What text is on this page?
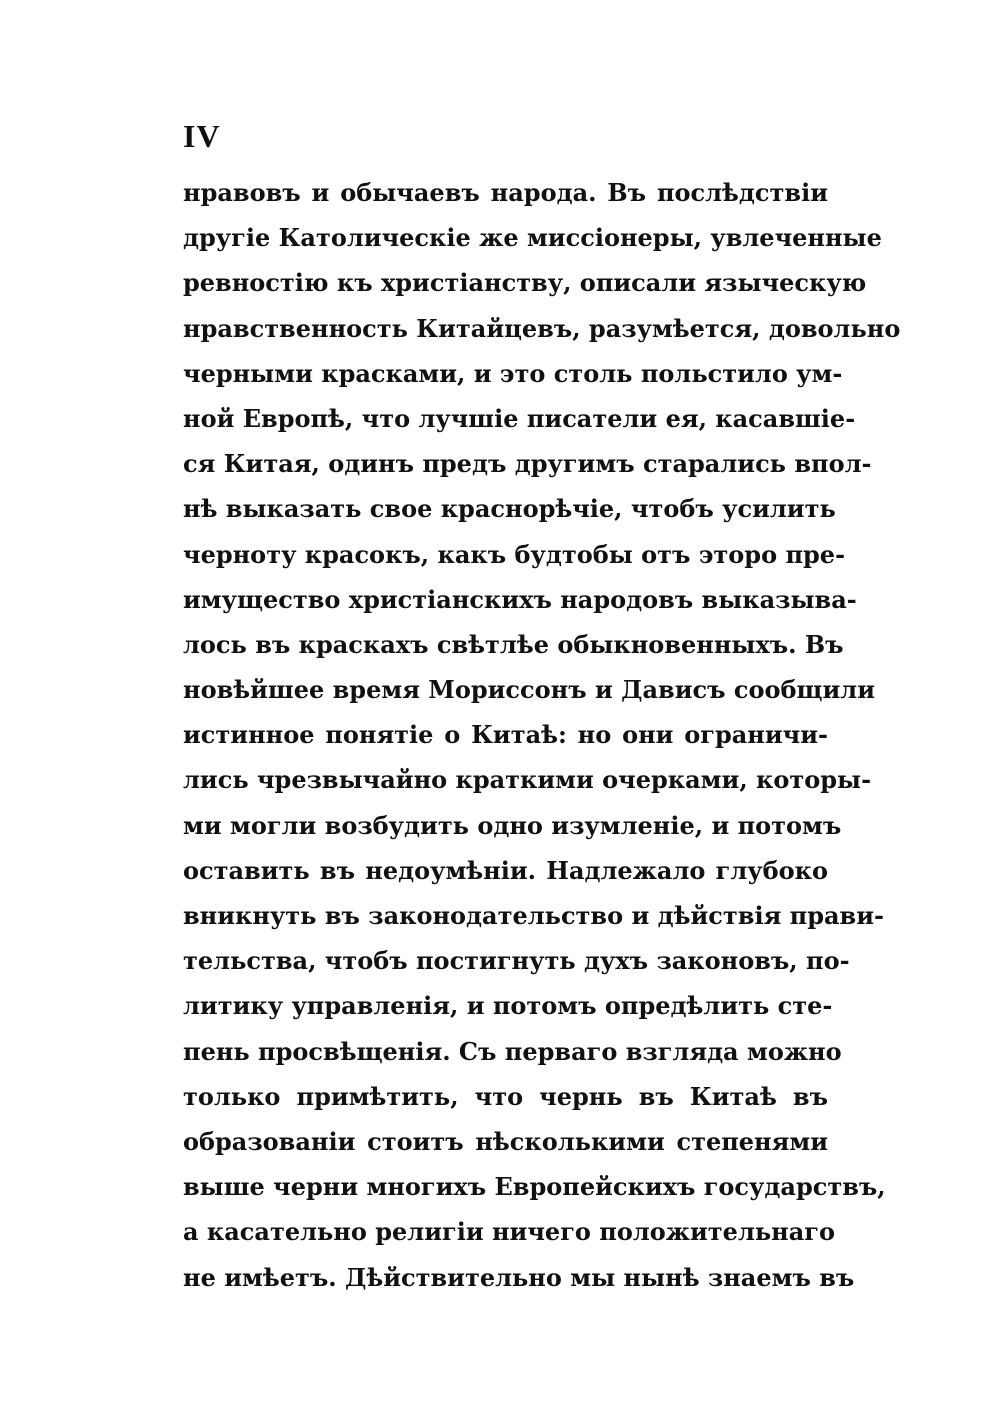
IV
нравовъ и обычаевъ народа. Въ послѣдствіи
другіе Католическіе же миссіонеры, увлеченные
ревностію къ христіанству, описали языческую
нравственность Китайцевъ, разумѣется, довольно
черными красками, и это столь польстило ум-
ной Европѣ, что лучшіе писатели ея, касавшіе-
ся Китая, одинъ предъ другимъ старались впол-
нѣ выказать свое краснорѣчіе, чтобъ усилить
черноту красокъ, какъ будтобы отъ эторо пре-
имущество христіанскихъ народовъ выказыва-
лось въ краскахъ свѣтлѣе обыкновенныхъ. Въ
новѣйшее время Мориссонъ и Дависъ сообщили
истинное понятіе о Китаѣ: но они ограничи-
лись чрезвычайно краткими очерками, которы-
ми могли возбудить одно изумленіе, и потомъ
оставить въ недоумѣніи. Надлежало глубоко
вникнуть въ законодательство и дѣйствія прави-
тельства, чтобъ постигнуть духъ законовъ, по-
литику управленія, и потомъ опредѣлить сте-
пень просвѣщенія. Съ перваго взгляда можно
только примѣтить, что чернь въ Китаѣ въ
образованіи стоитъ нѣсколькими степенями
выше черни многихъ Европейскихъ государствъ,
а касательно религіи ничего положительнаго
не имѣетъ. Дѣйствительно мы нынѣ знаемъ въ
